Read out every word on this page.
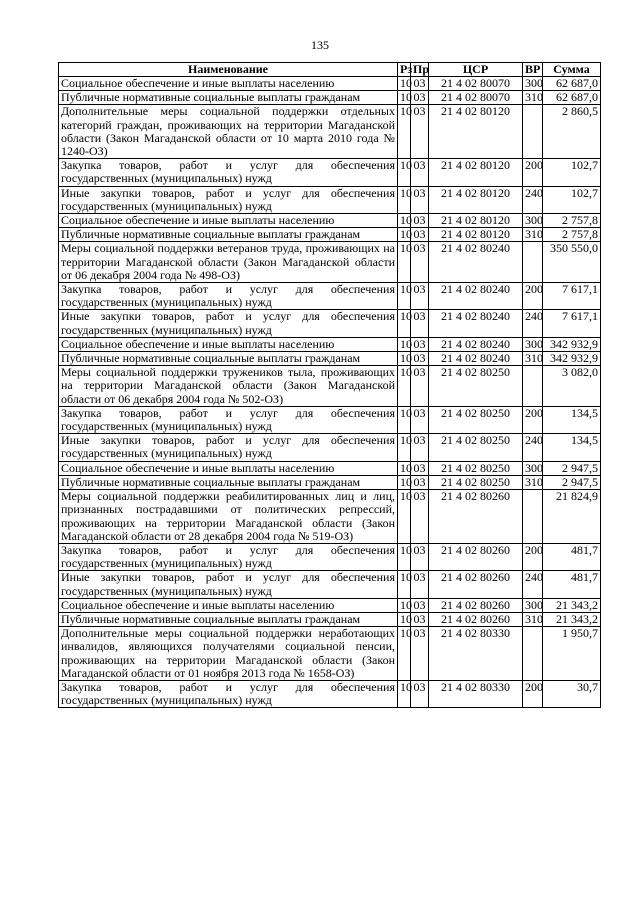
135
Наименование	Рз	Пр	ЦСР	ВР	Сумма
Социальное обеспечение и иные выплаты населению	10	03	21 4 02 80070	300	62 687,0
Публичные нормативные социальные выплаты гражданам	10	03	21 4 02 80070	310	62 687,0
Дополнительные меры социальной поддержки отдельных категорий граждан, проживающих на территории Магаданской области (Закон Магаданской области от 10 марта 2010 года № 1240-ОЗ)	10	03	21 4 02 80120		2 860,5
Закупка товаров, работ и услуг для обеспечения государственных (муниципальных) нужд	10	03	21 4 02 80120	200	102,7
Иные закупки товаров, работ и услуг для обеспечения государственных (муниципальных) нужд	10	03	21 4 02 80120	240	102,7
Социальное обеспечение и иные выплаты населению	10	03	21 4 02 80120	300	2 757,8
Публичные нормативные социальные выплаты гражданам	10	03	21 4 02 80120	310	2 757,8
Меры социальной поддержки ветеранов труда, проживающих на территории Магаданской области (Закон Магаданской области от 06 декабря 2004 года № 498-ОЗ)	10	03	21 4 02 80240		350 550,0
Закупка товаров, работ и услуг для обеспечения государственных (муниципальных) нужд	10	03	21 4 02 80240	200	7 617,1
Иные закупки товаров, работ и услуг для обеспечения государственных (муниципальных) нужд	10	03	21 4 02 80240	240	7 617,1
Социальное обеспечение и иные выплаты населению	10	03	21 4 02 80240	300	342 932,9
Публичные нормативные социальные выплаты гражданам	10	03	21 4 02 80240	310	342 932,9
Меры социальной поддержки тружеников тыла, проживающих на территории Магаданской области (Закон Магаданской области от 06 декабря 2004 года № 502-ОЗ)	10	03	21 4 02 80250		3 082,0
Закупка товаров, работ и услуг для обеспечения государственных (муниципальных) нужд	10	03	21 4 02 80250	200	134,5
Иные закупки товаров, работ и услуг для обеспечения государственных (муниципальных) нужд	10	03	21 4 02 80250	240	134,5
Социальное обеспечение и иные выплаты населению	10	03	21 4 02 80250	300	2 947,5
Публичные нормативные социальные выплаты гражданам	10	03	21 4 02 80250	310	2 947,5
Меры социальной поддержки реабилитированных лиц и лиц, признанных пострадавшими от политических репрессий, проживающих на территории Магаданской области (Закон Магаданской области от 28 декабря 2004 года № 519-ОЗ)	10	03	21 4 02 80260		21 824,9
Закупка товаров, работ и услуг для обеспечения государственных (муниципальных) нужд	10	03	21 4 02 80260	200	481,7
Иные закупки товаров, работ и услуг для обеспечения государственных (муниципальных) нужд	10	03	21 4 02 80260	240	481,7
Социальное обеспечение и иные выплаты населению	10	03	21 4 02 80260	300	21 343,2
Публичные нормативные социальные выплаты гражданам	10	03	21 4 02 80260	310	21 343,2
Дополнительные меры социальной поддержки неработающих инвалидов, являющихся получателями социальной пенсии, проживающих на территории Магаданской области (Закон Магаданской области от 01 ноября 2013 года № 1658-ОЗ)	10	03	21 4 02 80330		1 950,7
Закупка товаров, работ и услуг для обеспечения государственных (муниципальных) нужд	10	03	21 4 02 80330	200	30,7
